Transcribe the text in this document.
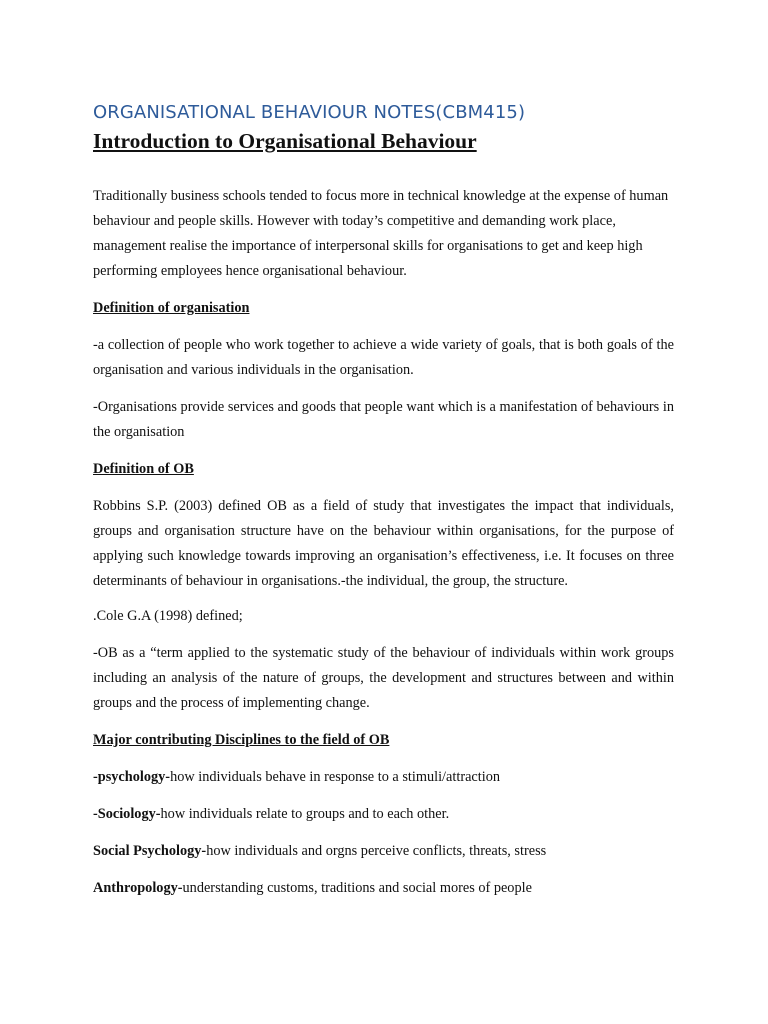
ORGANISATIONAL BEHAVIOUR NOTES(CBM415)
Introduction to Organisational Behaviour

Traditionally business schools tended to focus more in technical knowledge at the expense of human behaviour and people skills. However with today’s competitive and demanding work place, management realise the importance of interpersonal skills for organisations to get and keep high performing employees hence organisational behaviour.

Definition of organisation

-a collection of people who work together to achieve a wide variety of goals, that is both goals of the organisation and various individuals in the organisation.

-Organisations provide services and goods that people want which is a manifestation of behaviours in the organisation

Definition of OB

Robbins S.P. (2003) defined OB as a field of study that investigates the impact that individuals, groups and organisation structure have on the behaviour within organisations, for the purpose of applying such knowledge towards improving an organisation’s effectiveness, i.e. It focuses on three determinants of behaviour in organisations.-the individual, the group, the structure.

.Cole G.A (1998) defined;

-OB as a “term applied to the systematic study of the behaviour of individuals within work groups including an analysis of the nature of groups, the development and structures between and within groups and the process of implementing change.

Major contributing Disciplines to the field of OB

-psychology-how individuals behave in response to a stimuli/attraction

-Sociology-how individuals relate to groups and to each other.

Social Psychology-how individuals and orgns perceive conflicts, threats, stress

Anthropology-understanding customs, traditions and social mores of people
